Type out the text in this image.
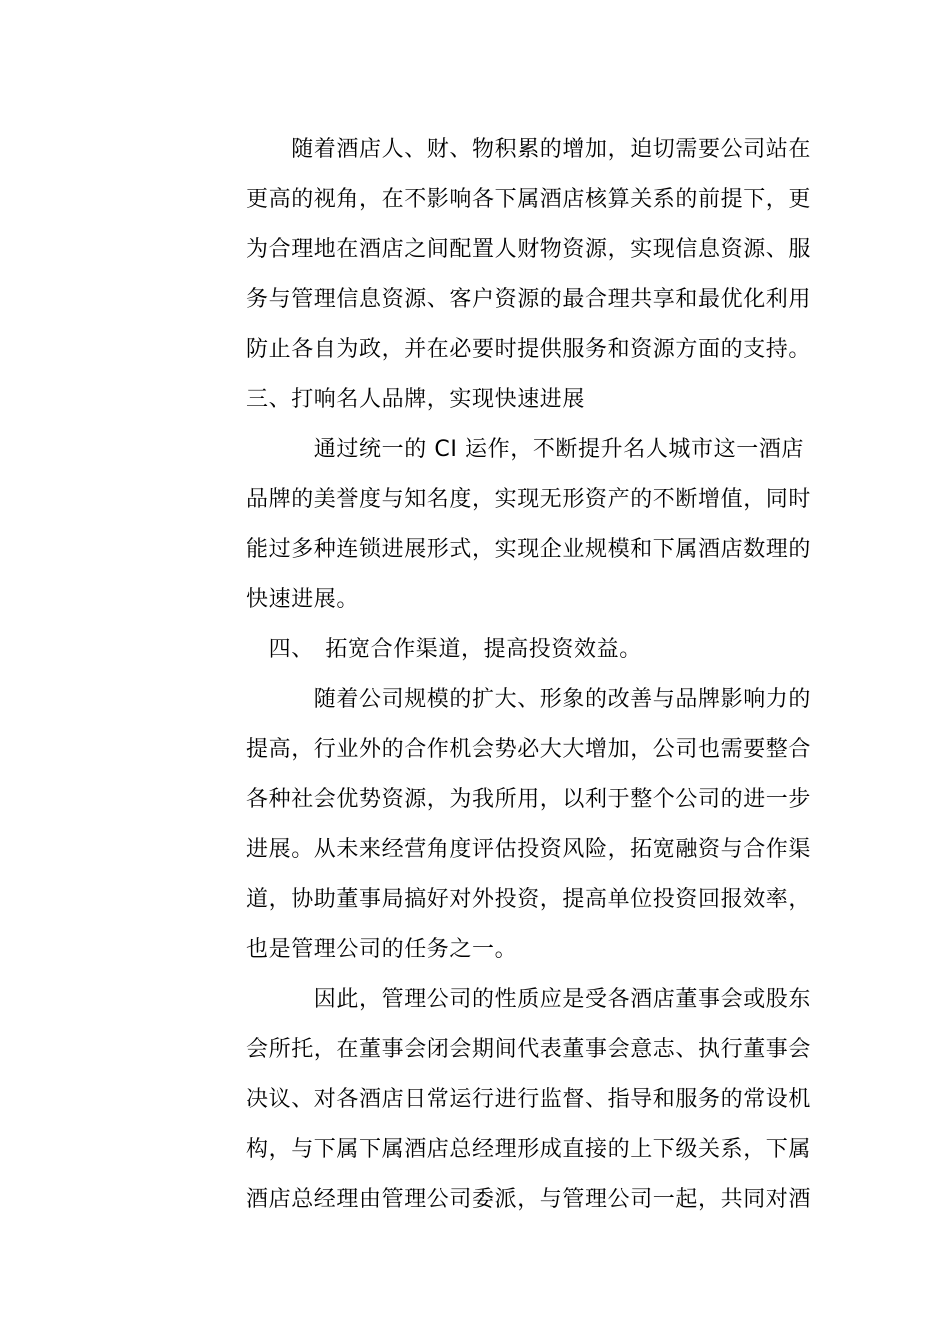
　　随着酒店人、财、物积累的增加，迫切需要公司站在
更高的视角，在不影响各下属酒店核算关系的前提下，更
为合理地在酒店之间配置人财物资源，实现信息资源、服
务与管理信息资源、客户资源的最合理共享和最优化利用
防止各自为政，并在必要时提供服务和资源方面的支持。
三、打响名人品牌，实现快速进展
　　　通过统一的 CI 运作，不断提升名人城市这一酒店
品牌的美誉度与知名度，实现无形资产的不断增值，同时
能过多种连锁进展形式，实现企业规模和下属酒店数理的
快速进展。
　四、　拓宽合作渠道，提高投资效益。
　　　随着公司规模的扩大、形象的改善与品牌影响力的
提高，行业外的合作机会势必大大增加，公司也需要整合
各种社会优势资源，为我所用，以利于整个公司的进一步
进展。从未来经营角度评估投资风险，拓宽融资与合作渠
道，协助董事局搞好对外投资，提高单位投资回报效率，
也是管理公司的任务之一。
　　　因此，管理公司的性质应是受各酒店董事会或股东
会所托，在董事会闭会期间代表董事会意志、执行董事会
决议、对各酒店日常运行进行监督、指导和服务的常设机
构，与下属下属酒店总经理形成直接的上下级关系，下属
酒店总经理由管理公司委派，与管理公司一起，共同对酒
